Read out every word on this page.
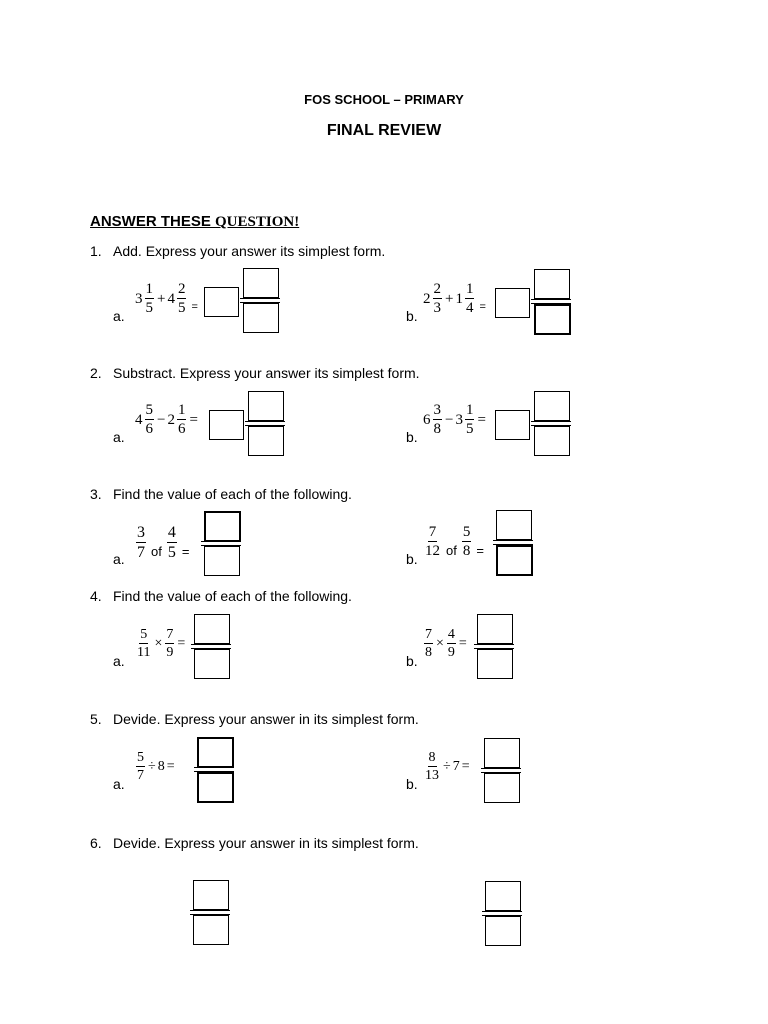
FOS SCHOOL – PRIMARY
FINAL REVIEW
ANSWER THESE QUESTION!
1. Add. Express your answer its simplest form.
a.
$3 \frac{1}{5} + 4 \frac{2}{5}$ =
b.
$2 \frac{2}{3} + 1 \frac{1}{4}$ =
2. Substract. Express your answer its simplest form.
a.
$4 \frac{5}{6} - 2 \frac{1}{6}$ =
b.
$6 \frac{3}{8} - 3 \frac{1}{5}$ =
3. Find the value of each of the following.
a. $\frac{3}{7}$ of $\frac{4}{5}$ =	b. $\frac{7}{12}$ of $\frac{5}{8}$ =
4. Find the value of each of the following.
a.
$\frac{5}{11} \times \frac{7}{9}$ =
b.
$\frac{7}{8} \times \frac{4}{9}$ =
5. Devide. Express your answer in its simplest form.
a.
$\frac{5}{7} \div 8$ =
b.
$\frac{8}{13} \div 7$ =
6. Devide. Express your answer in its simplest form.
